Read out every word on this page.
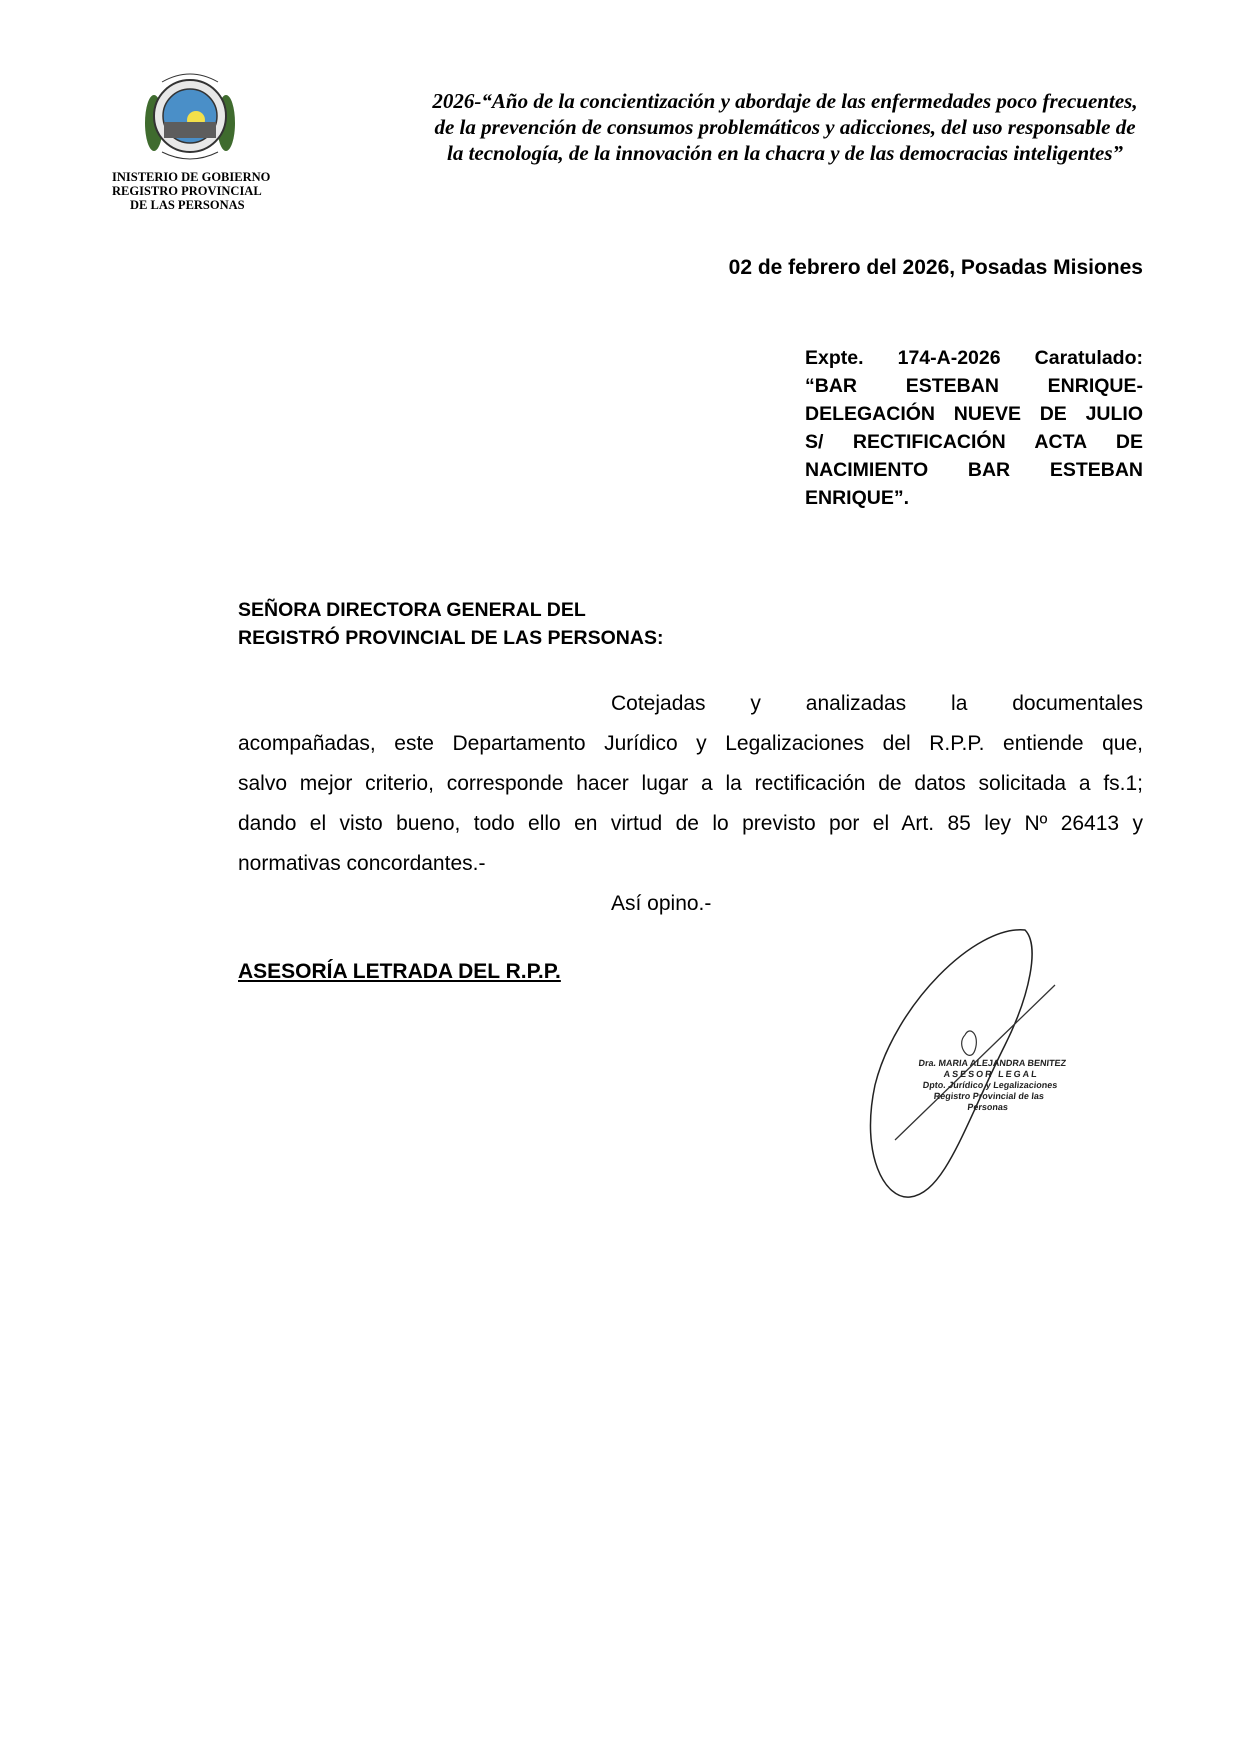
INISTERIO DE GOBIERNO
REGISTRO PROVINCIAL
DE LAS PERSONAS
2026-“Año de la concientización y abordaje de las enfermedades poco frecuentes,
de la prevención de consumos problemáticos y adicciones, del uso responsable de
la tecnología, de la innovación en la chacra y de las democracias inteligentes”
02 de febrero del 2026, Posadas Misiones
Expte. 174-A-2026 Caratulado:
“BAR ESTEBAN ENRIQUE-
DELEGACIÓN NUEVE DE JULIO
S/ RECTIFICACIÓN ACTA DE
NACIMIENTO BAR ESTEBAN
ENRIQUE”.
SEÑORA DIRECTORA GENERAL DEL
REGISTRÓ PROVINCIAL DE LAS PERSONAS:
Cotejadas y analizadas la documentales
acompañadas, este Departamento Jurídico y Legalizaciones del R.P.P. entiende que,
salvo mejor criterio, corresponde hacer lugar a la rectificación de datos solicitada a fs.1;
dando el visto bueno, todo ello en virtud de lo previsto por el Art. 85 ley Nº 26413 y
normativas concordantes.-
Así opino.-
ASESORÍA LETRADA DEL R.P.P.
Dra. MARIA ALEJANDRA BENITEZ
ASESOR LEGAL
Dpto. Jurídico y Legalizaciones
Registro Provincial de las Personas
